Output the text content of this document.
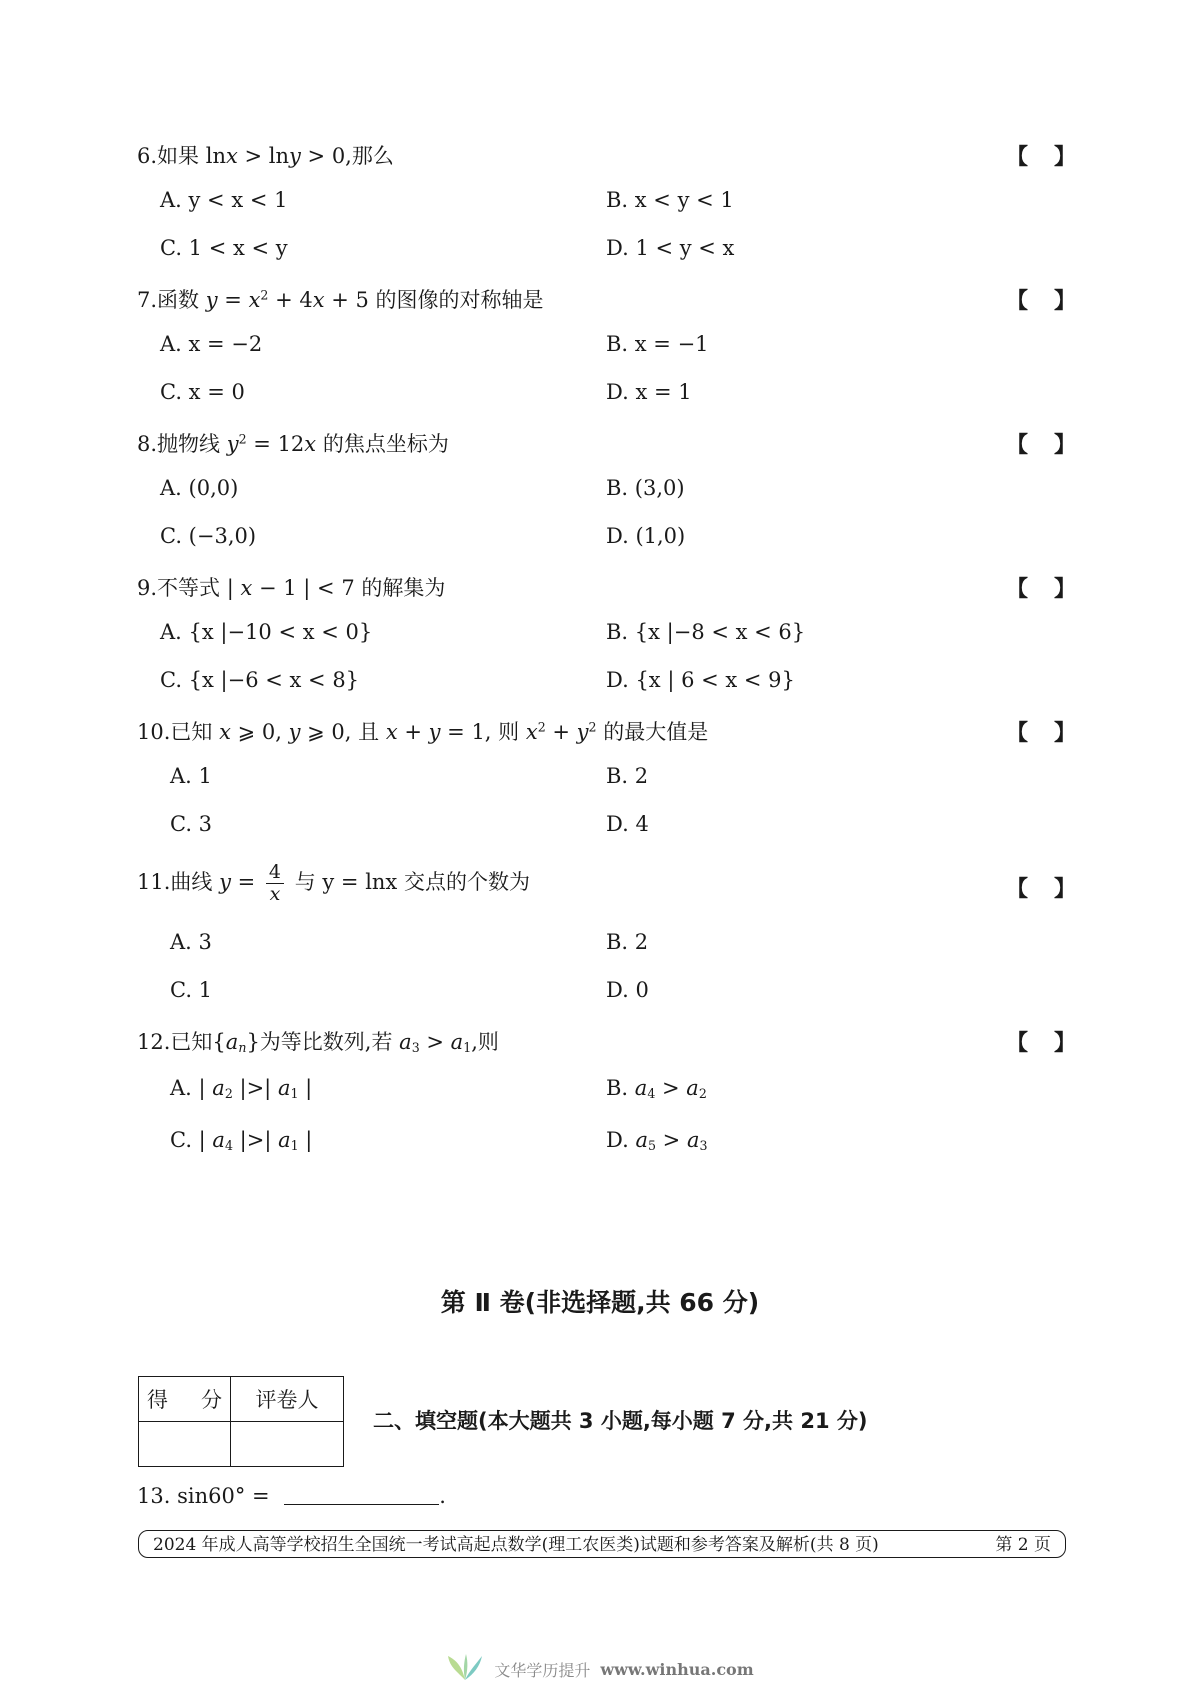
6.如果 lnx > lny > 0,那么	【 】
A. y < x < 1	B. x < y < 1
C. 1 < x < y	D. 1 < y < x
7.函数 $y = x^2 + 4x + 5$ 的图像的对称轴是	【 】
A. x = −2	B. x = −1
C. x = 0	D. x = 1
8.抛物线 $y^2 = 12x$ 的焦点坐标为	【 】
A. (0,0)	B. (3,0)
C. (−3,0)	D. (1,0)
9.不等式 | x − 1 | < 7 的解集为	【 】
A. {x |−10 < x < 0}	B. {x |−8 < x < 6}
C. {x |−6 < x < 8}	D. {x | 6 < x < 9}
10.已知 x ⩾ 0, y ⩾ 0, 且 x + y = 1, 则 $x^2 + y^2$ 的最大值是	【 】
A. 1	B. 2
C. 3	D. 4
11.曲线 $y = \frac{4}{x}$ 与 y = lnx 交点的个数为	【 】
A. 3	B. 2
C. 1	D. 0
12.已知$\{a_n\}$为等比数列,若 $a_3 > a_1$,则	【 】
A. | $a_2$ |>| $a_1$ |	B. $a_4 > a_2$
C. | $a_4$ |>| $a_1$ |	D. $a_5 > a_3$
第 Ⅱ 卷(非选择题,共 66 分)
得 分	评卷人

二、填空题(本大题共 3 小题,每小题 7 分,共 21 分)
13. sin60° =	.
2024 年成人高等学校招生全国统一考试高起点数学(理工农医类)试题和参考答案及解析(共 8 页)	第 2 页
文华学历提升 www.winhua.com
